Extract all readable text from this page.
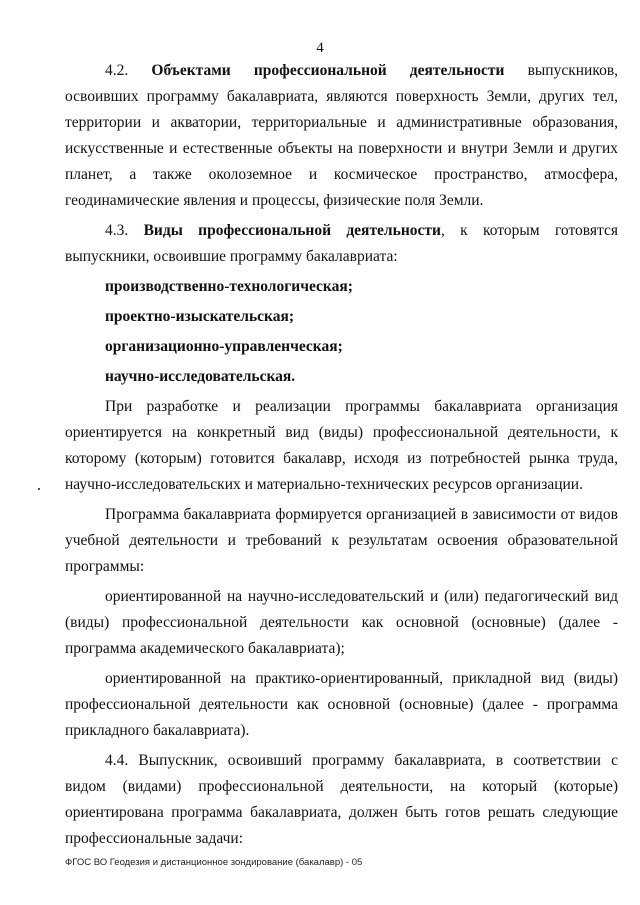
4

4.2. Объектами профессиональной деятельности выпускников, освоивших программу бакалавриата, являются поверхность Земли, других тел, территории и акватории, территориальные и административные образования, искусственные и естественные объекты на поверхности и внутри Земли и других планет, а также околоземное и космическое пространство, атмосфера, геодинамические явления и процессы, физические поля Земли.

4.3. Виды профессиональной деятельности, к которым готовятся выпускники, освоившие программу бакалавриата:

производственно-технологическая;

проектно-изыскательская;

организационно-управленческая;

научно-исследовательская.

При разработке и реализации программы бакалавриата организация ориентируется на конкретный вид (виды) профессиональной деятельности, к которому (которым) готовится бакалавр, исходя из потребностей рынка труда, научно-исследовательских и материально-технических ресурсов организации.

Программа бакалавриата формируется организацией в зависимости от видов учебной деятельности и требований к результатам освоения образовательной программы:

ориентированной на научно-исследовательский и (или) педагогический вид (виды) профессиональной деятельности как основной (основные) (далее - программа академического бакалавриата);

ориентированной на практико-ориентированный, прикладной вид (виды) профессиональной деятельности как основной (основные) (далее - программа прикладного бакалавриата).

4.4. Выпускник, освоивший программу бакалавриата, в соответствии с видом (видами) профессиональной деятельности, на который (которые) ориентирована программа бакалавриата, должен быть готов решать следующие профессиональные задачи:

ФГОС ВО Геодезия и дистанционное зондирование (бакалавр) - 05
